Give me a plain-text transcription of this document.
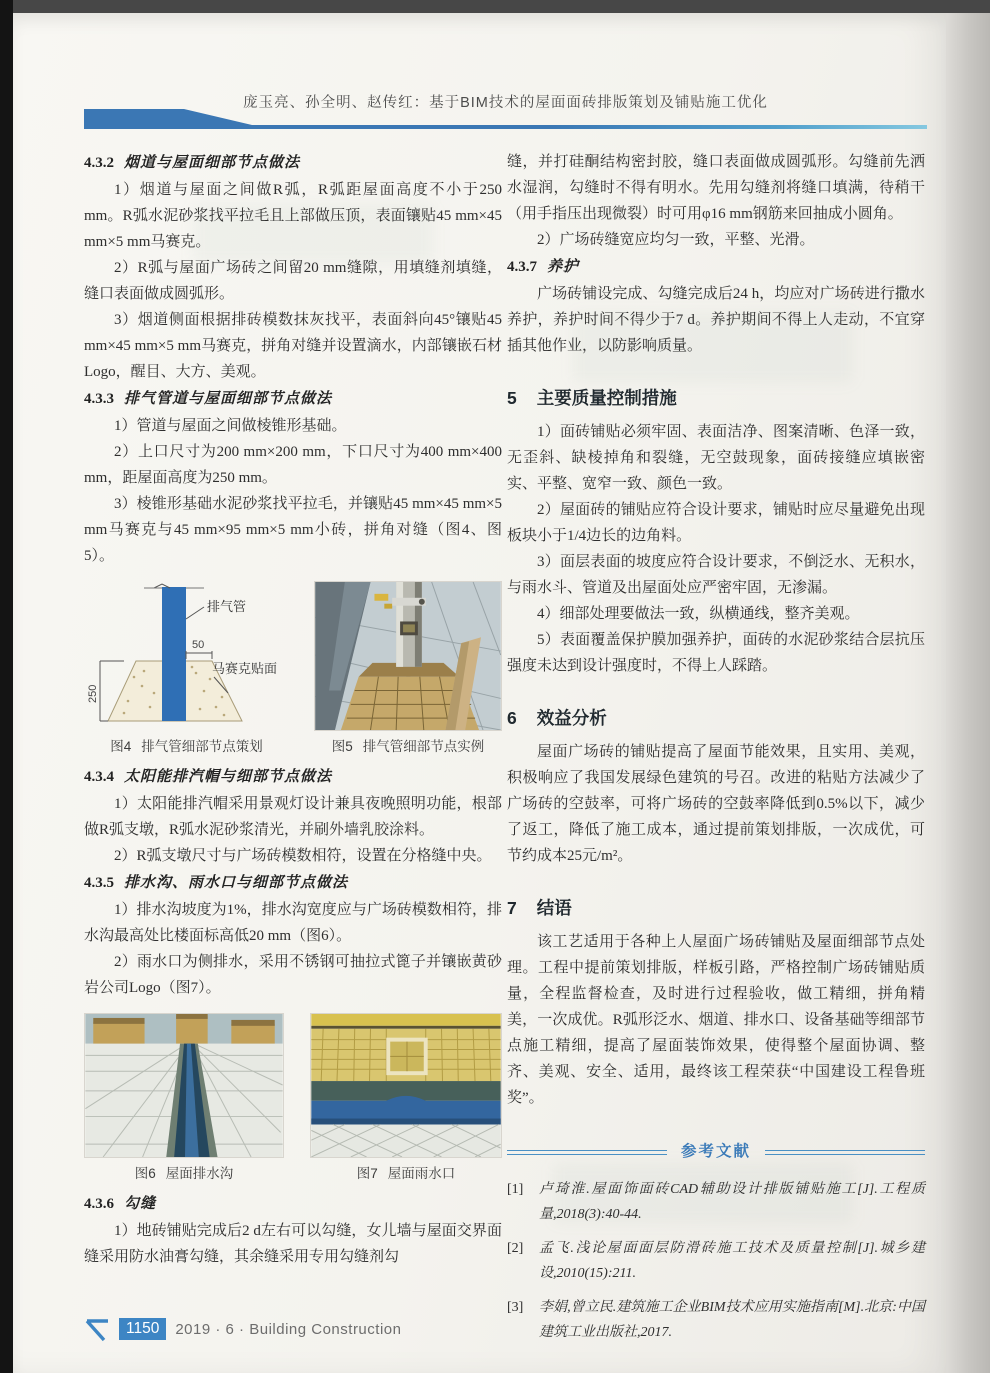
庞玉亮、孙全明、赵传红：基于BIM技术的屋面面砖排版策划及铺贴施工优化

4.3.2 烟道与屋面细部节点做法

1）烟道与屋面之间做R弧，R弧距屋面高度不小于250 mm。R弧水泥砂浆找平拉毛且上部做压顶，表面镶贴45 mm×45 mm×5 mm马赛克。

2）R弧与屋面广场砖之间留20 mm缝隙，用填缝剂填缝，缝口表面做成圆弧形。

3）烟道侧面根据排砖模数抹灰找平，表面斜向45°镶贴45 mm×45 mm×5 mm马赛克，拼角对缝并设置滴水，内部镶嵌石材Logo，醒目、大方、美观。

4.3.3 排气管道与屋面细部节点做法

1）管道与屋面之间做棱锥形基础。

2）上口尺寸为200 mm×200 mm，下口尺寸为400 mm×400 mm，距屋面高度为250 mm。

3）棱锥形基础水泥砂浆找平拉毛，并镶贴45 mm×45 mm×5 mm马赛克与45 mm×95 mm×5 mm小砖，拼角对缝（图4、图5）。

50
250
排气管
马赛克贴面
图4 排气管细部节点策划	图5 排气管细部节点实例

4.3.4 太阳能排汽帽与细部节点做法

1）太阳能排汽帽采用景观灯设计兼具夜晚照明功能，根部做R弧支墩，R弧水泥砂浆清光，并刷外墙乳胶涂料。

2）R弧支墩尺寸与广场砖模数相符，设置在分格缝中央。

4.3.5 排水沟、雨水口与细部节点做法

1）排水沟坡度为1%，排水沟宽度应与广场砖模数相符，排水沟最高处比楼面标高低20 mm（图6）。

2）雨水口为侧排水，采用不锈钢可抽拉式篦子并镶嵌黄砂岩公司Logo（图7）。

图6 屋面排水沟	图7 屋面雨水口

4.3.6 勾缝

1）地砖铺贴完成后2 d左右可以勾缝，女儿墙与屋面交界面缝采用防水油膏勾缝，其余缝采用专用勾缝剂勾

缝，并打硅酮结构密封胶，缝口表面做成圆弧形。勾缝前先洒水湿润，勾缝时不得有明水。先用勾缝剂将缝口填满，待稍干（用手指压出现微裂）时可用φ16 mm钢筋来回抽成小圆角。

2）广场砖缝宽应均匀一致，平整、光滑。

4.3.7 养护

广场砖铺设完成、勾缝完成后24 h，均应对广场砖进行撒水养护，养护时间不得少于7 d。养护期间不得上人走动，不宜穿插其他作业，以防影响质量。

5 主要质量控制措施

1）面砖铺贴必须牢固、表面洁净、图案清晰、色泽一致，无歪斜、缺棱掉角和裂缝，无空鼓现象，面砖接缝应填嵌密实、平整、宽窄一致、颜色一致。

2）屋面砖的铺贴应符合设计要求，铺贴时应尽量避免出现板块小于1/4边长的边角料。

3）面层表面的坡度应符合设计要求，不倒泛水、无积水，与雨水斗、管道及出屋面处应严密牢固，无渗漏。

4）细部处理要做法一致，纵横通线，整齐美观。

5）表面覆盖保护膜加强养护，面砖的水泥砂浆结合层抗压强度未达到设计强度时，不得上人踩踏。

6 效益分析

屋面广场砖的铺贴提高了屋面节能效果，且实用、美观，积极响应了我国发展绿色建筑的号召。改进的粘贴方法减少了广场砖的空鼓率，可将广场砖的空鼓率降低到0.5%以下，减少了返工，降低了施工成本，通过提前策划排版，一次成优，可节约成本25元/m²。

7 结语

该工艺适用于各种上人屋面广场砖铺贴及屋面细部节点处理。工程中提前策划排版，样板引路，严格控制广场砖铺贴质量，全程监督检查，及时进行过程验收，做工精细，拼角精美，一次成优。R弧形泛水、烟道、排水口、设备基础等细部节点施工精细，提高了屋面装饰效果，使得整个屋面协调、整齐、美观、安全、适用，最终该工程荣获“中国建设工程鲁班奖”。

参考文献
[1]	卢琦淮.屋面饰面砖CAD辅助设计排版铺贴施工[J].工程质量,2018(3):40-44.
[2]	孟飞.浅论屋面面层防滑砖施工技术及质量控制[J].城乡建设,2010(15):211.
[3]	李娟,曾立民.建筑施工企业BIM技术应用实施指南[M].北京:中国建筑工业出版社,2017.
1150	2019 · 6 · Building Construction
